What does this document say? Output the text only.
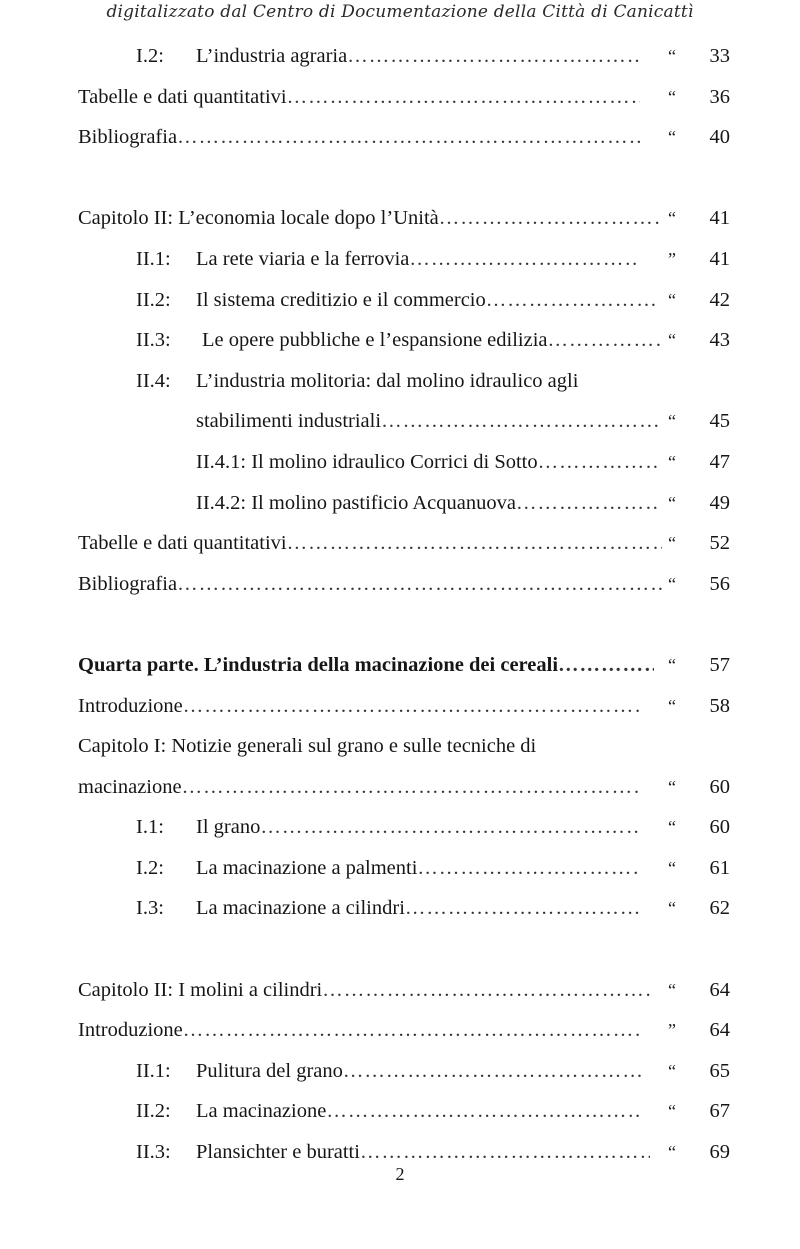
digitalizzato dal Centro di Documentazione della Città di Canicattì
I.2:	L’industria agraria …………………………………………………………………………………………………………………………………………………	“	33
Tabelle e dati quantitativi …………………………………………………………………………………………………………………………………………………	“	36
Bibliografia …………………………………………………………………………………………………………………………………………………	“	40
Capitolo II: L’economia locale dopo l’Unità …………………………………………………………………………………………………………………………………………………	“	41
II.1:	La rete viaria e la ferrovia …………………………………………………………………………………………………………………………………………………	”	41
II.2:	Il sistema creditizio e il commercio …………………………………………………………………………………………………………………………………………………	“	42
II.3:	Le opere pubbliche e l’espansione edilizia …………………………………………………………………………………………………………………………………………………	“	43
II.4:	L’industria molitoria: dal molino idraulico agli
stabilimenti industriali …………………………………………………………………………………………………………………………………………………	“	45
II.4.1: Il molino idraulico Corrici di Sotto …………………………………………………………………………………………………………………………………………………	“	47
II.4.2: Il molino pastificio Acquanuova …………………………………………………………………………………………………………………………………………………	“	49
Tabelle e dati quantitativi …………………………………………………………………………………………………………………………………………………	“	52
Bibliografia …………………………………………………………………………………………………………………………………………………	“	56
Quarta parte. L’industria della macinazione dei cereali …………………………………………………………………………………………………………………………………………………	“	57
Introduzione …………………………………………………………………………………………………………………………………………………	“	58
Capitolo I: Notizie generali sul grano e sulle tecniche di
macinazione …………………………………………………………………………………………………………………………………………………	“	60
I.1:	Il grano …………………………………………………………………………………………………………………………………………………	“	60
I.2:	La macinazione a palmenti …………………………………………………………………………………………………………………………………………………	“	61
I.3:	La macinazione a cilindri …………………………………………………………………………………………………………………………………………………	“	62
Capitolo II: I molini a cilindri …………………………………………………………………………………………………………………………………………………	“	64
Introduzione …………………………………………………………………………………………………………………………………………………	”	64
II.1:	Pulitura del grano …………………………………………………………………………………………………………………………………………………	“	65
II.2:	La macinazione …………………………………………………………………………………………………………………………………………………	“	67
II.3:	Plansichter e buratti …………………………………………………………………………………………………………………………………………………	“	69
2
